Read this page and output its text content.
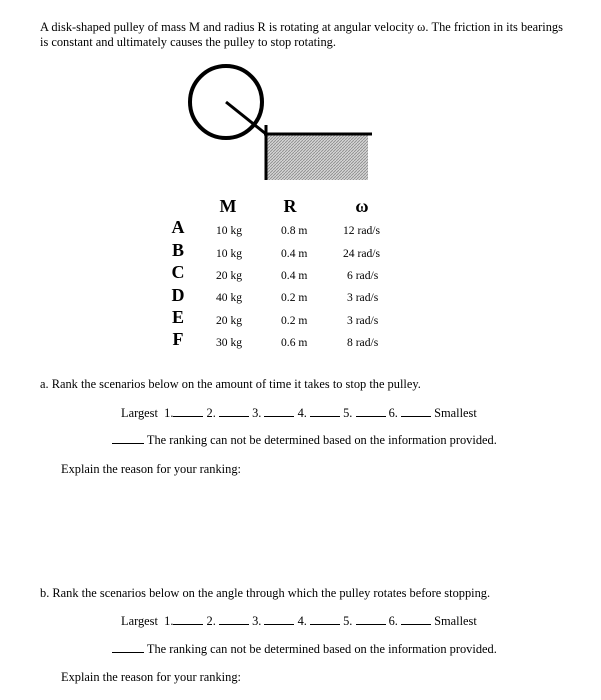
A disk-shaped pulley of mass M and radius R is rotating at angular velocity ω. The friction in its bearings is constant and ultimately causes the pulley to stop rotating.
M	R	ω
A	10 kg	0.8 m	12 rad/s
B	10 kg	0.4 m	24 rad/s
C	20 kg	0.4 m	6 rad/s
D	40 kg	0.2 m	3 rad/s
E	20 kg	0.2 m	3 rad/s
F	30 kg	0.6 m	8 rad/s
a. Rank the scenarios below on the amount of time it takes to stop the pulley.
Largest 1.	2.	3.	4.	5.	6.	Smallest
The ranking can not be determined based on the information provided.
Explain the reason for your ranking:
b. Rank the scenarios below on the angle through which the pulley rotates before stopping.
Largest 1.	2.	3.	4.	5.	6.	Smallest
The ranking can not be determined based on the information provided.
Explain the reason for your ranking:
